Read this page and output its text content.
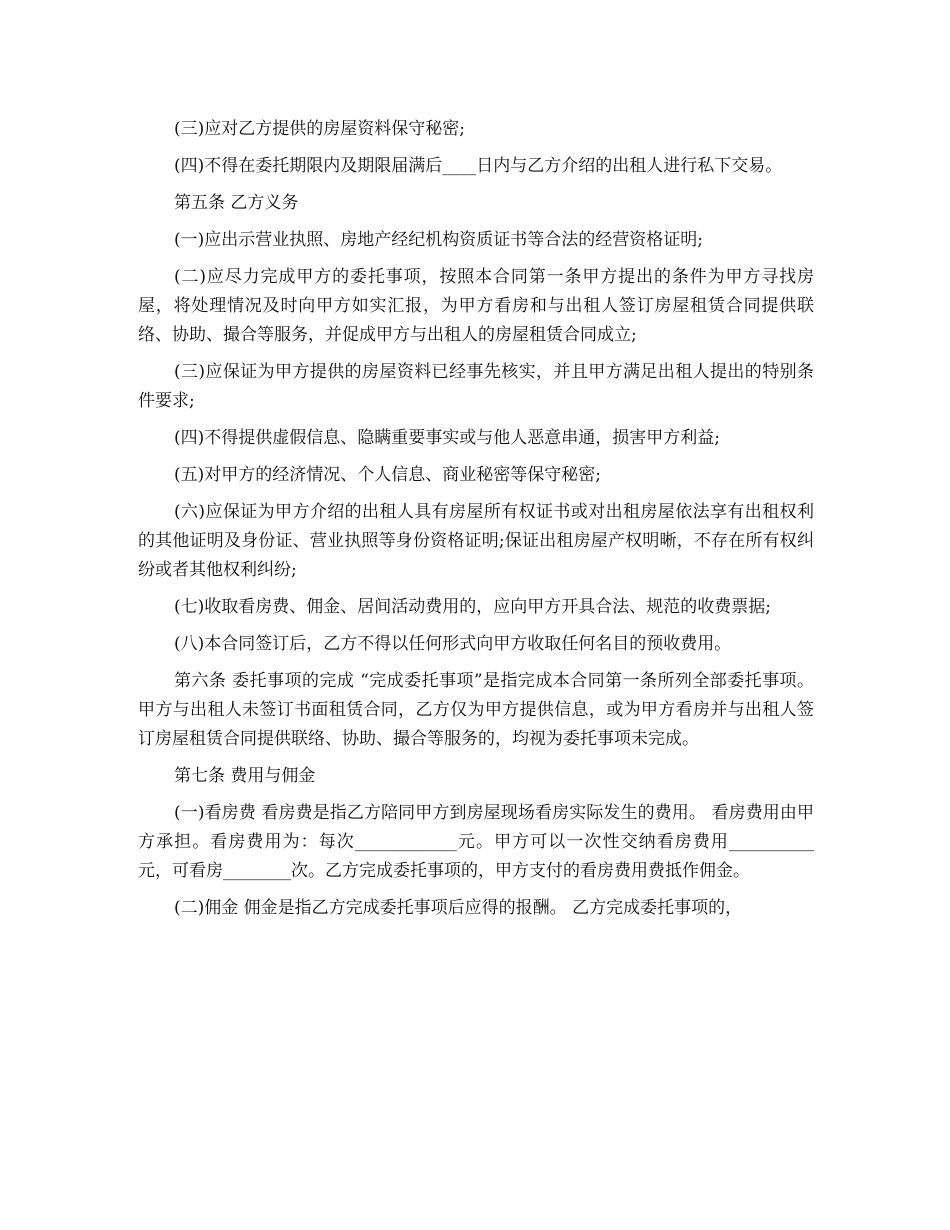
(三)应对乙方提供的房屋资料保守秘密;

(四)不得在委托期限内及期限届满后____日内与乙方介绍的出租人进行私下交易。

第五条 乙方义务

(一)应出示营业执照、房地产经纪机构资质证书等合法的经营资格证明;

(二)应尽力完成甲方的委托事项，按照本合同第一条甲方提出的条件为甲方寻找房屋，将处理情况及时向甲方如实汇报，为甲方看房和与出租人签订房屋租赁合同提供联络、协助、撮合等服务，并促成甲方与出租人的房屋租赁合同成立;

(三)应保证为甲方提供的房屋资料已经事先核实，并且甲方满足出租人提出的特别条件要求;

(四)不得提供虚假信息、隐瞒重要事实或与他人恶意串通，损害甲方利益;

(五)对甲方的经济情况、个人信息、商业秘密等保守秘密;

(六)应保证为甲方介绍的出租人具有房屋所有权证书或对出租房屋依法享有出租权利的其他证明及身份证、营业执照等身份资格证明;保证出租房屋产权明晰，不存在所有权纠纷或者其他权利纠纷;

(七)收取看房费、佣金、居间活动费用的，应向甲方开具合法、规范的收费票据;

(八)本合同签订后，乙方不得以任何形式向甲方收取任何名目的预收费用。

第六条 委托事项的完成 “完成委托事项”是指完成本合同第一条所列全部委托事项。甲方与出租人未签订书面租赁合同，乙方仅为甲方提供信息，或为甲方看房并与出租人签订房屋租赁合同提供联络、协助、撮合等服务的，均视为委托事项未完成。

第七条 费用与佣金

(一)看房费 看房费是指乙方陪同甲方到房屋现场看房实际发生的费用。 看房费用由甲方承担。看房费用为：每次____________元。甲方可以一次性交纳看房费用__________元，可看房________次。乙方完成委托事项的，甲方支付的看房费用费抵作佣金。

(二)佣金 佣金是指乙方完成委托事项后应得的报酬。 乙方完成委托事项的，
